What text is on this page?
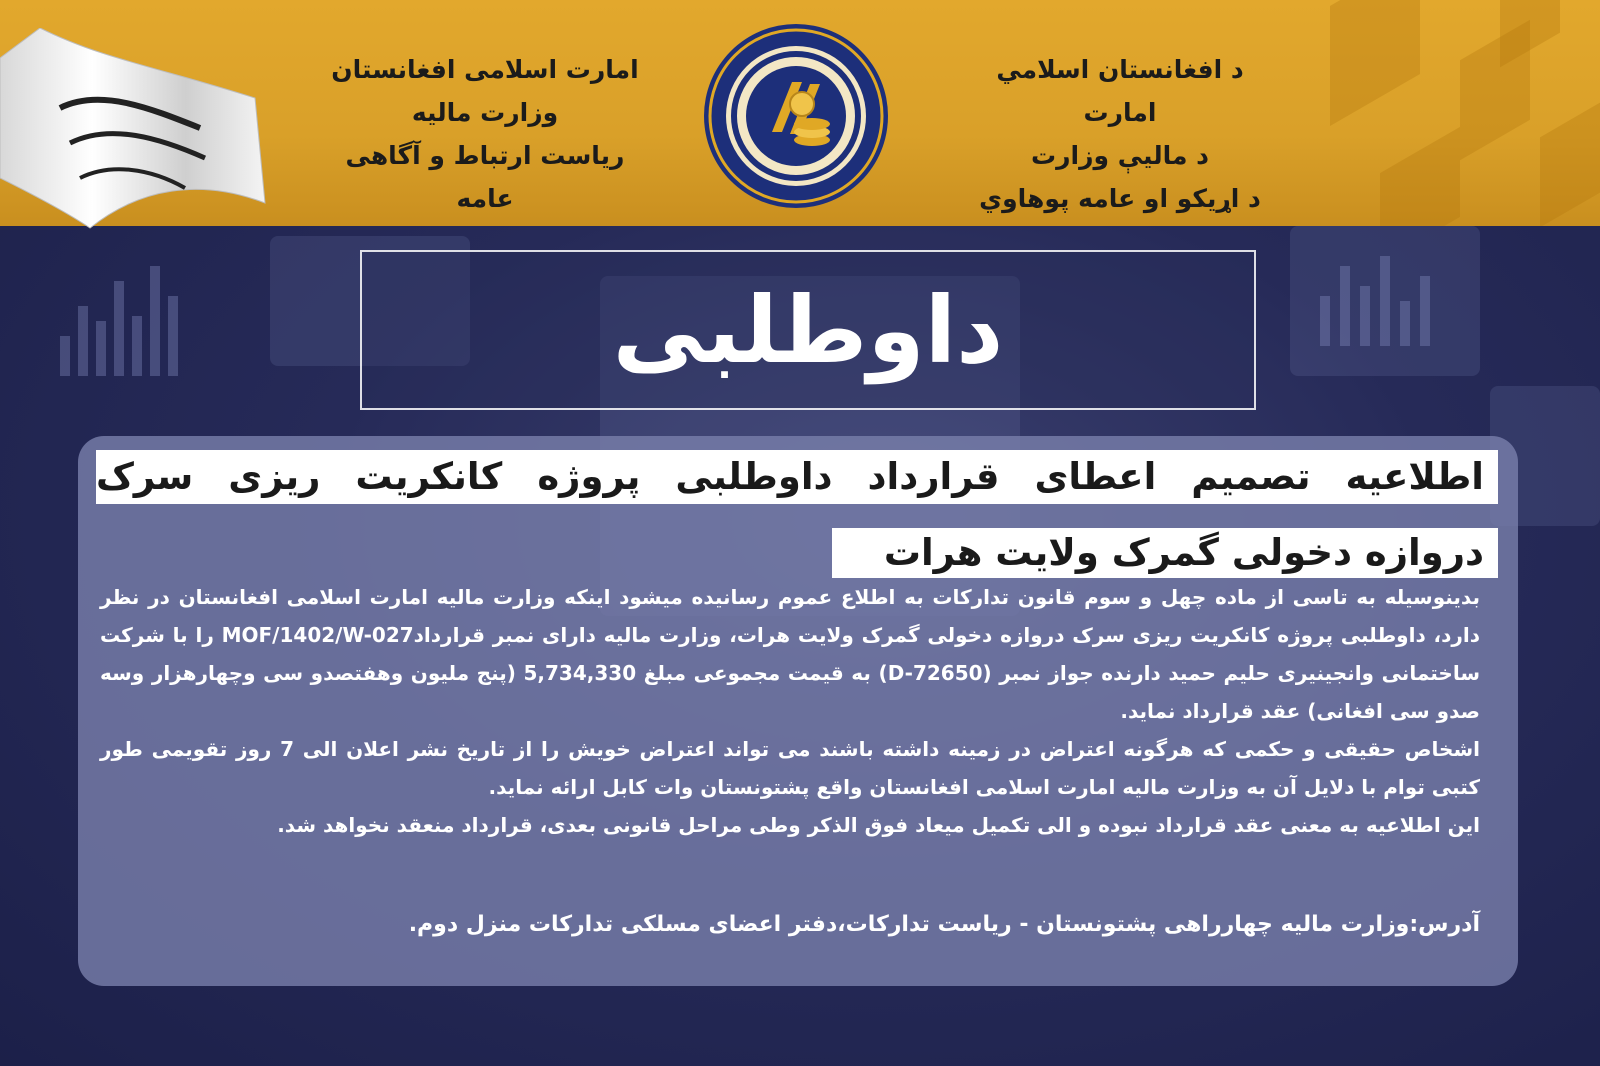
د افغانستان اسلامي امارت
د ماليې وزارت
د اړيکو او عامه پوهاوي
امارت اسلامی افغانستان
وزارت مالیه
ریاست ارتباط و آگاهی عامه
داوطلبی
اطلاعیه تصمیم اعطای قرارداد داوطلبی پروژه کانکریت ریزی سرک
دروازه دخولی گمرک ولایت هرات

بدینوسیله به تاسی از ماده چهل و سوم قانون تدارکات به اطلاع عموم رسانیده میشود اینکه وزارت مالیه امارت اسلامی افغانستان در نظر دارد، داوطلبی پروژه کانکریت ریزی سرک دروازه دخولی گمرک ولایت هرات، وزارت مالیه دارای نمبر قراردادMOF/1402/W-027 را با شرکت ساختمانی وانجینیری حلیم حمید دارنده جواز نمبر (D-72650) به قیمت مجموعی مبلغ 5,734,330 (پنج ملیون وهفتصدو سی وچهارهزار وسه صدو سی افغانی) عقد قرارداد نماید.

اشخاص حقیقی و حکمی که هرگونه اعتراض در زمینه داشته باشند می تواند اعتراض خویش را از تاریخ نشر اعلان الی 7 روز تقویمی طور کتبی توام با دلایل آن به وزارت مالیه امارت اسلامی افغانستان واقع پشتونستان وات کابل ارائه نماید.

این اطلاعیه به معنی عقد قرارداد نبوده و الی تکمیل میعاد فوق الذکر وطی مراحل قانونی بعدی، قرارداد منعقد نخواهد شد.

آدرس:وزارت مالیه چهارراهی پشتونستان - ریاست تدارکات،دفتر اعضای مسلکی تدارکات منزل دوم.
